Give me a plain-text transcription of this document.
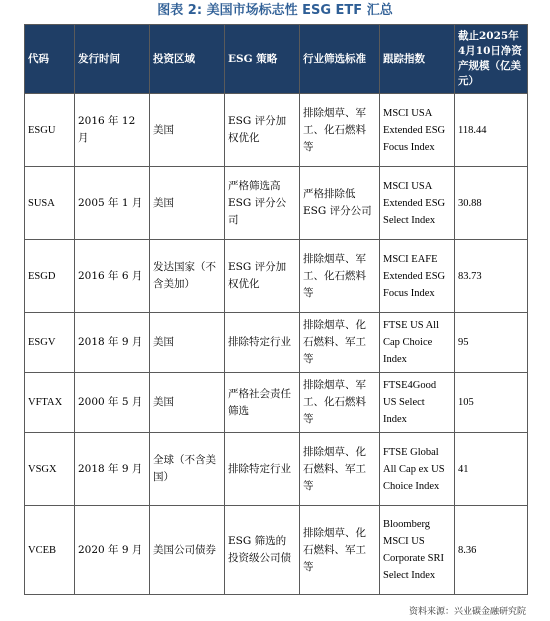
图表 2: 美国市场标志性 ESG ETF 汇总
代码	发行时间	投资区域	ESG 策略	行业筛选标准	跟踪指数	截止2025年4月10日净资产规模（亿美元）
ESGU	2016 年 12 月	美国	ESG 评分加权优化	排除烟草、军工、化石燃料等	MSCI USA Extended ESG Focus Index	118.44
SUSA	2005 年 1 月	美国	严格筛选高 ESG 评分公司	严格排除低 ESG 评分公司	MSCI USA Extended ESG Select Index	30.88
ESGD	2016 年 6 月	发达国家（不含美加）	ESG 评分加权优化	排除烟草、军工、化石燃料等	MSCI EAFE Extended ESG Focus Index	83.73
ESGV	2018 年 9 月	美国	排除特定行业	排除烟草、化石燃料、军工等	FTSE US All Cap Choice Index	95
VFTAX	2000 年 5 月	美国	严格社会责任筛选	排除烟草、军工、化石燃料等	FTSE4Good US Select Index	105
VSGX	2018 年 9 月	全球（不含美国）	排除特定行业	排除烟草、化石燃料、军工等	FTSE Global All Cap ex US Choice Index	41
VCEB	2020 年 9 月	美国公司债券	ESG 筛选的投资级公司债	排除烟草、化石燃料、军工等	Bloomberg MSCI US Corporate SRI Select Index	8.36
资料来源：兴业碳金融研究院
